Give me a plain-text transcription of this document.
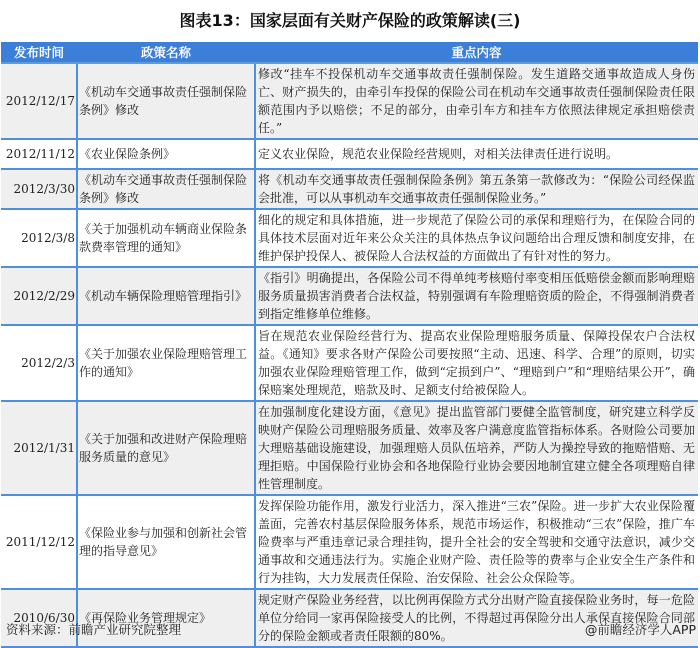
图表13：国家层面有关财产保险的政策解读(三)
发布时间	政策名称	重点内容
2012/12/17	《机动车交通事故责任强制保险条例》修改	修改“挂车不投保机动车交通事故责任强制保险。发生道路交通事故造成人身伤亡、财产损失的，由牵引车投保的保险公司在机动车交通事故责任强制保险责任限额范围内予以赔偿；不足的部分，由牵引车方和挂车方依照法律规定承担赔偿责任。”
2012/11/12	《农业保险条例》	定义农业保险，规范农业保险经营规则，对相关法律责任进行说明。
2012/3/30	《机动车交通事故责任强制保险条例》修改	将《机动车交通事故责任强制保险条例》第五条第一款修改为：“保险公司经保监会批准，可以从事机动车交通事故责任强制保险业务。”
2012/3/8	《关于加强机动车辆商业保险条款费率管理的通知》	细化的规定和具体措施，进一步规范了保险公司的承保和理赔行为，在保险合同的具体技术层面对近年来公众关注的具体热点争议问题给出合理反馈和制度安排，在维护保护投保人、被保险人合法权益的方面做出了有针对性的努力。
2012/2/29	《机动车辆保险理赔管理指引》	《指引》明确提出，各保险公司不得单纯考核赔付率变相压低赔偿金额而影响理赔服务质量损害消费者合法权益，特别强调有车险理赔资质的险企，不得强制消费者到指定维修单位维修。
2012/2/3	《关于加强农业保险理赔管理工作的通知》	旨在规范农业保险经营行为、提高农业保险理赔服务质量、保障投保农户合法权益。《通知》要求各财产保险公司要按照“主动、迅速、科学、合理”的原则，切实加强农业保险理赔管理工作，做到“定损到户”、“理赔到户”和“理赔结果公开”，确保赔案处理规范，赔款及时、足额支付给被保险人。
2012/1/31	《关于加强和改进财产保险理赔服务质量的意见》	在加强制度化建设方面，《意见》提出监管部门要健全监管制度，研究建立科学反映财产保险公司理赔服务质量、效率及客户满意度监管指标体系。各财险公司要加大理赔基础设施建设，加强理赔人员队伍培养，严防人为操控导致的拖赔惜赔、无理拒赔。中国保险行业协会和各地保险行业协会要因地制宜建立健全各项理赔自律性管理制度。
2011/12/12	《保险业参与加强和创新社会管理的指导意见》	发挥保险功能作用，激发行业活力，深入推进“三农”保险。进一步扩大农业保险覆盖面，完善农村基层保险服务体系，规范市场运作，积极推动“三农”保险，推广车险费率与严重违章记录合理挂钩，提升全社会的安全驾驶和交通守法意识，减少交通事故和交通违法行为。实施企业财产险、责任险等的费率与企业安全生产条件和行为挂钩，大力发展责任保险、治安保险、社会公众保险等。
2010/6/30	《再保险业务管理规定》	规定财产保险业务经营，以比例再保险方式分出财产险直接保险业务时，每一危险单位分给同一家再保险接受人的比例，不得超过再保险分出人承保直接保险合同部分的保险金额或者责任限额的80%。
资料来源：前瞻产业研究院整理	@前瞻经济学人APP
